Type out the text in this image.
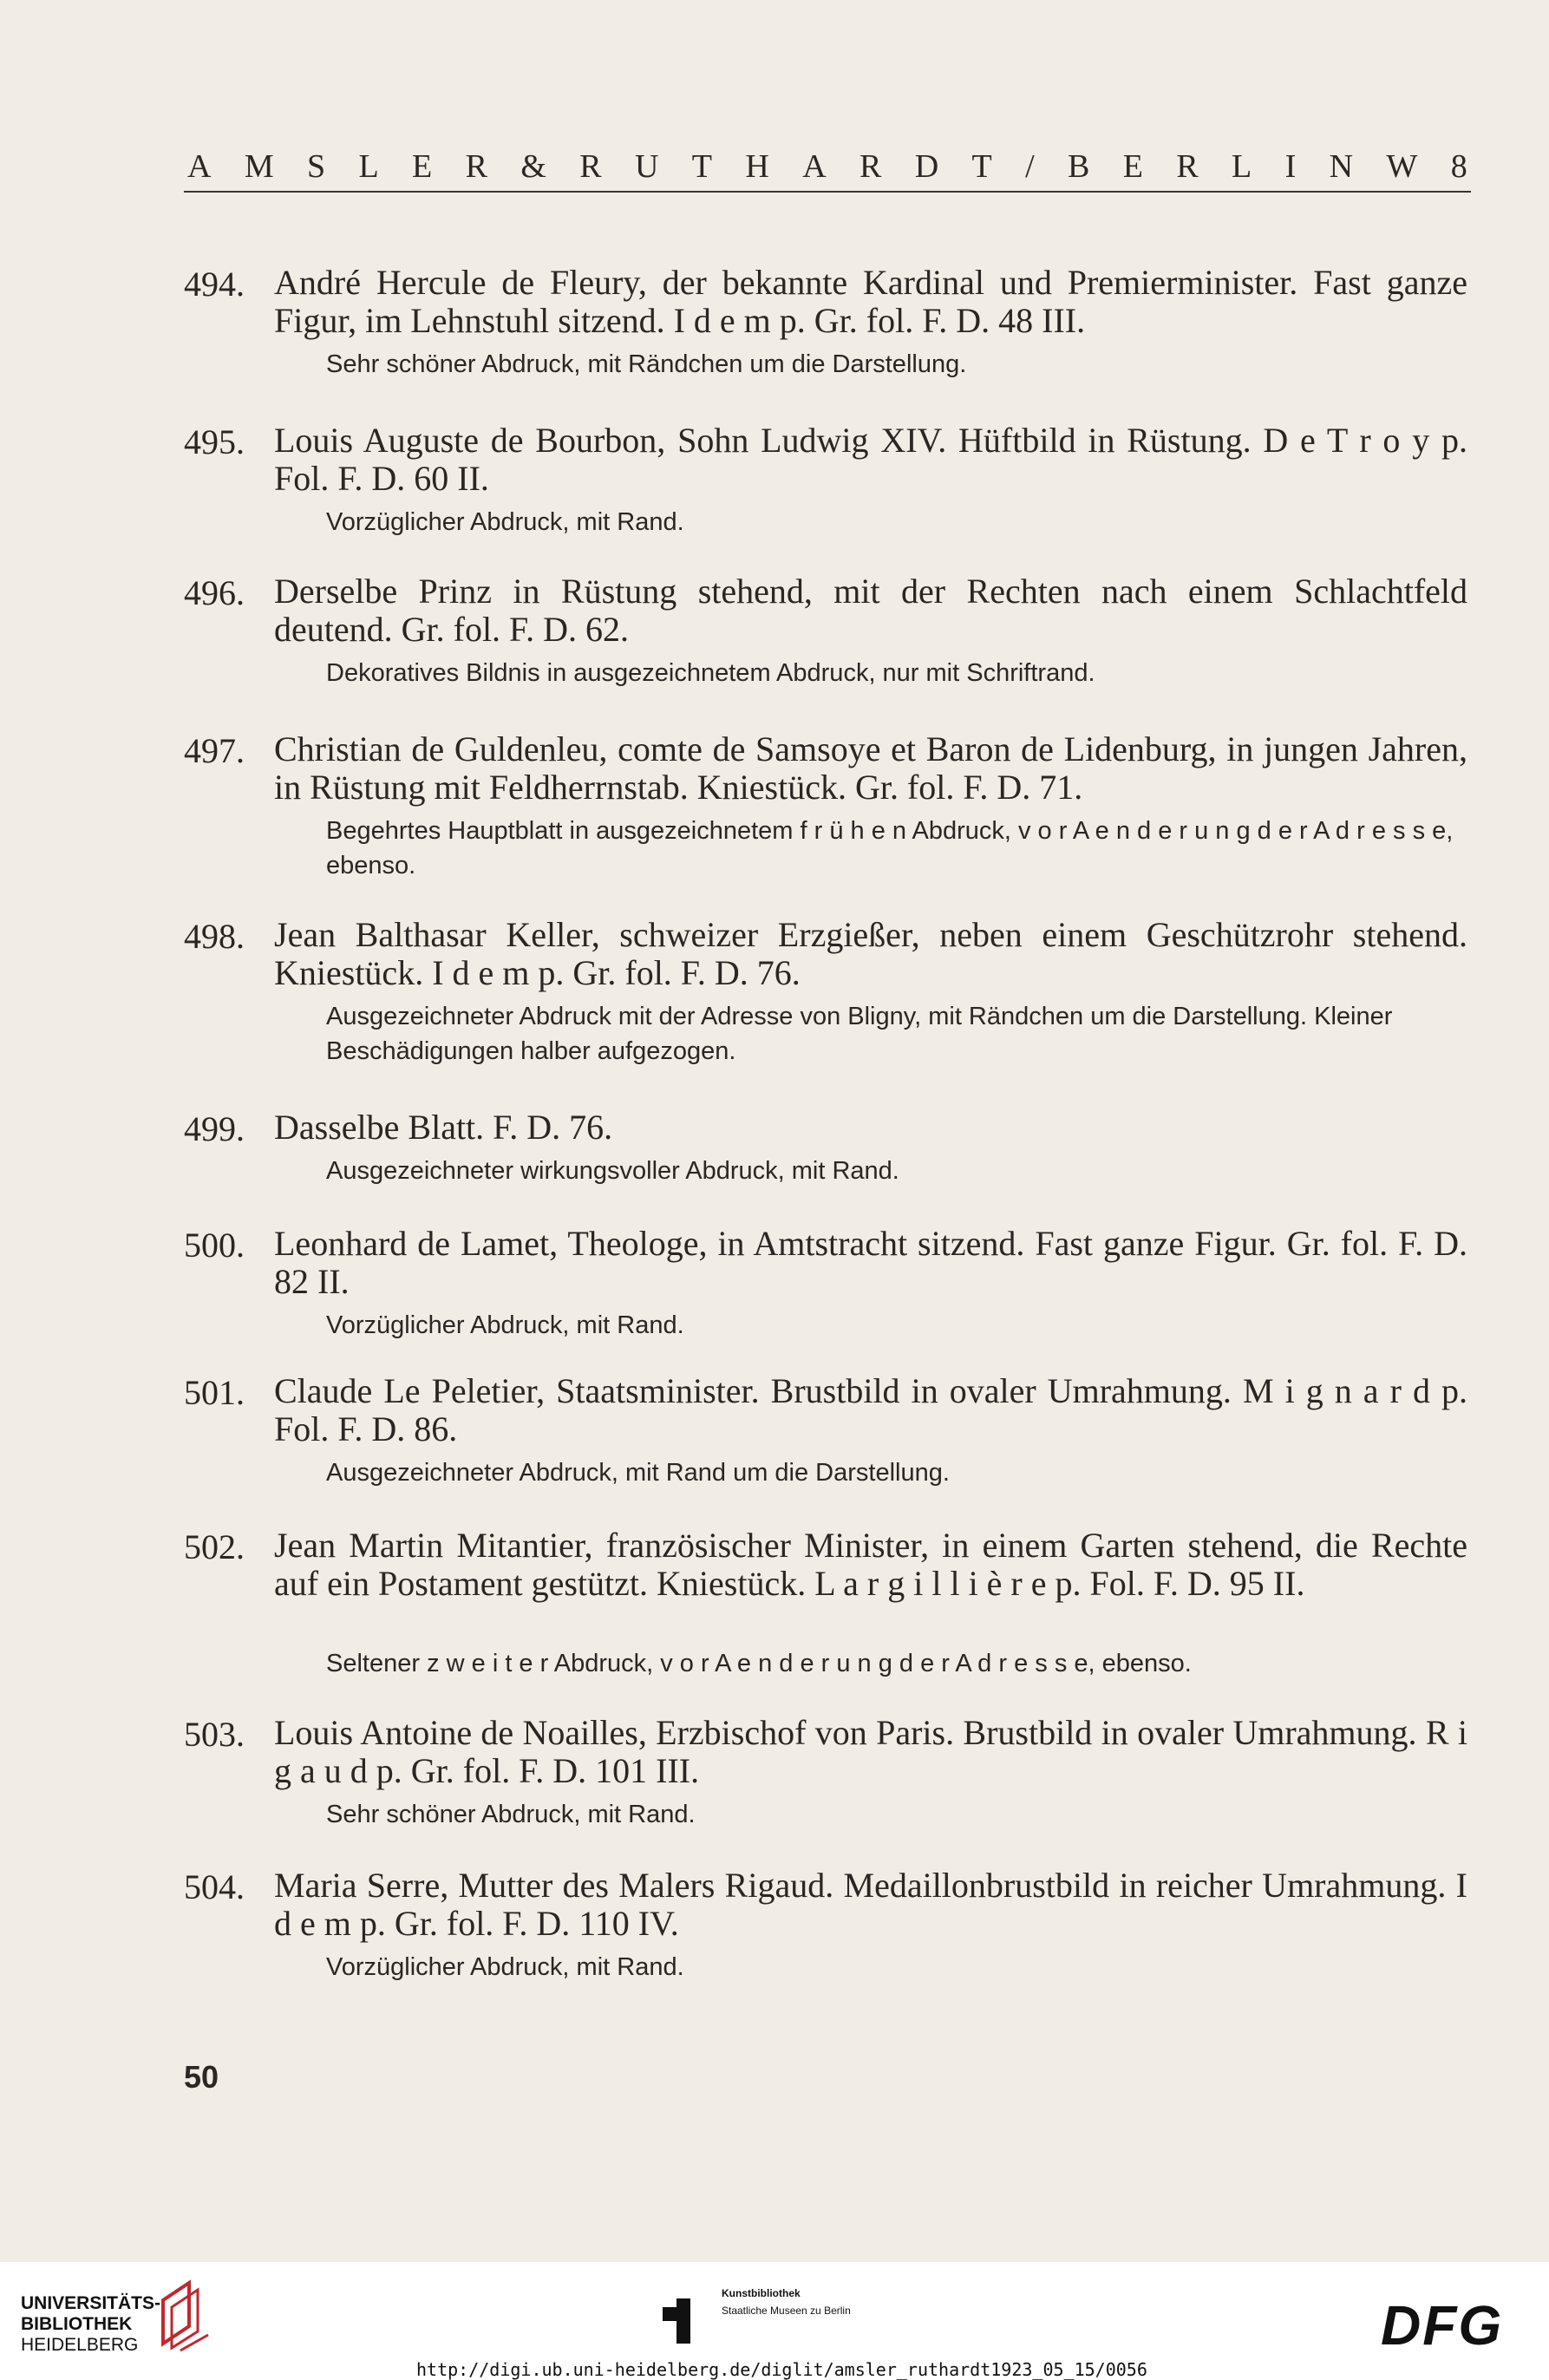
A M S L E R & R U T H A R D T / B E R L I N W 8
494. André Hercule de Fleury, der bekannte Kardinal und Premierminister. Fast ganze Figur, im Lehnstuhl sitzend. I d e m p. Gr. fol. F. D. 48 III.
Sehr schöner Abdruck, mit Rändchen um die Darstellung.
495. Louis Auguste de Bourbon, Sohn Ludwig XIV. Hüftbild in Rüstung. D e T r o y p. Fol. F. D. 60 II.
Vorzüglicher Abdruck, mit Rand.
496. Derselbe Prinz in Rüstung stehend, mit der Rechten nach einem Schlachtfeld deutend. Gr. fol. F. D. 62.
Dekoratives Bildnis in ausgezeichnetem Abdruck, nur mit Schriftrand.
497. Christian de Guldenleu, comte de Samsoye et Baron de Lidenburg, in jungen Jahren, in Rüstung mit Feldherrnstab. Kniestück. Gr. fol. F. D. 71.
Begehrtes Hauptblatt in ausgezeichnetem f r ü h e n Abdruck, v o r A e n d e r u n g d e r A d r e s s e, ebenso.
498. Jean Balthasar Keller, schweizer Erzgießer, neben einem Geschützrohr stehend. Kniestück. I d e m p. Gr. fol. F. D. 76.
Ausgezeichneter Abdruck mit der Adresse von Bligny, mit Rändchen um die Darstellung. Kleiner Beschädigungen halber aufgezogen.
499. Dasselbe Blatt. F. D. 76.
Ausgezeichneter wirkungsvoller Abdruck, mit Rand.
500. Leonhard de Lamet, Theologe, in Amtstracht sitzend. Fast ganze Figur. Gr. fol. F. D. 82 II.
Vorzüglicher Abdruck, mit Rand.
501. Claude Le Peletier, Staatsminister. Brustbild in ovaler Umrahmung. M i g n a r d p. Fol. F. D. 86.
Ausgezeichneter Abdruck, mit Rand um die Darstellung.
502. Jean Martin Mitantier, französischer Minister, in einem Garten stehend, die Rechte auf ein Postament gestützt. Kniestück. L a r g i l l i è r e p. Fol. F. D. 95 II.
Seltener z w e i t e r Abdruck, v o r A e n d e r u n g d e r A d r e s s e, ebenso.
503. Louis Antoine de Noailles, Erzbischof von Paris. Brustbild in ovaler Umrahmung. R i g a u d p. Gr. fol. F. D. 101 III.
Sehr schöner Abdruck, mit Rand.
504. Maria Serre, Mutter des Malers Rigaud. Medaillonbrustbild in reicher Umrahmung. I d e m p. Gr. fol. F. D. 110 IV.
Vorzüglicher Abdruck, mit Rand.
50
UNIVERSITÄTS-
BIBLIOTHEK
HEIDELBERG
Kunstbibliothek
Staatliche Museen zu Berlin	DFG
http://digi.ub.uni-heidelberg.de/diglit/amsler_ruthardt1923_05_15/0056
